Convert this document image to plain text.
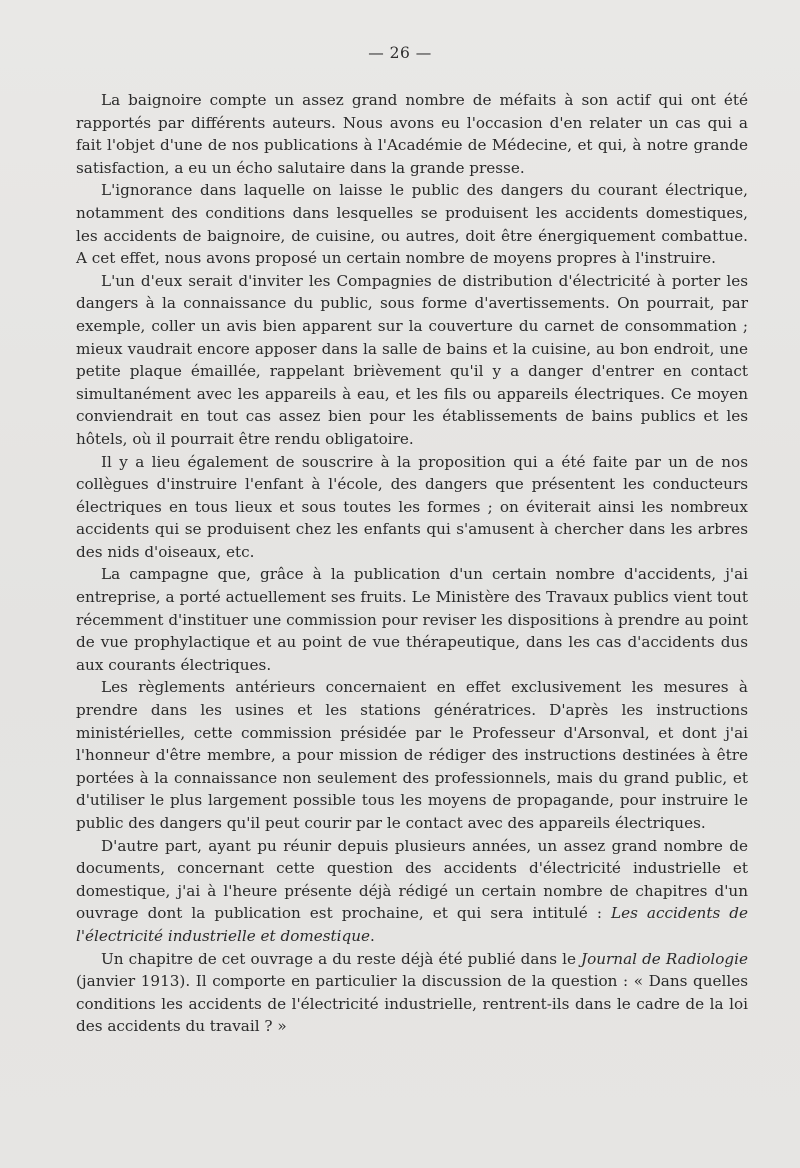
— 26 —

La baignoire compte un assez grand nombre de méfaits à son actif qui ont été rapportés par différents auteurs. Nous avons eu l'occasion d'en relater un cas qui a fait l'objet d'une de nos publications à l'Académie de Médecine, et qui, à notre grande satisfaction, a eu un écho salutaire dans la grande presse.

L'ignorance dans laquelle on laisse le public des dangers du courant électrique, notamment des conditions dans lesquelles se produisent les accidents domestiques, les accidents de baignoire, de cuisine, ou autres, doit être énergiquement combattue. A cet effet, nous avons proposé un certain nombre de moyens propres à l'instruire.

L'un d'eux serait d'inviter les Compagnies de distribution d'électricité à porter les dangers à la connaissance du public, sous forme d'avertissements. On pourrait, par exemple, coller un avis bien apparent sur la couverture du carnet de consommation ; mieux vaudrait encore apposer dans la salle de bains et la cuisine, au bon endroit, une petite plaque émaillée, rappelant brièvement qu'il y a danger d'entrer en contact simultanément avec les appareils à eau, et les fils ou appareils électriques. Ce moyen conviendrait en tout cas assez bien pour les établissements de bains publics et les hôtels, où il pourrait être rendu obligatoire.

Il y a lieu également de souscrire à la proposition qui a été faite par un de nos collègues d'instruire l'enfant à l'école, des dangers que présentent les conducteurs électriques en tous lieux et sous toutes les formes ; on éviterait ainsi les nombreux accidents qui se produisent chez les enfants qui s'amusent à chercher dans les arbres des nids d'oiseaux, etc.

La campagne que, grâce à la publication d'un certain nombre d'accidents, j'ai entreprise, a porté actuellement ses fruits. Le Ministère des Travaux publics vient tout récemment d'instituer une commission pour reviser les dispositions à prendre au point de vue prophylactique et au point de vue thérapeutique, dans les cas d'accidents dus aux courants électriques.

Les règlements antérieurs concernaient en effet exclusivement les mesures à prendre dans les usines et les stations génératrices. D'après les instructions ministérielles, cette commission présidée par le Professeur d'Arsonval, et dont j'ai l'honneur d'être membre, a pour mission de rédiger des instructions destinées à être portées à la connaissance non seulement des professionnels, mais du grand public, et d'utiliser le plus largement possible tous les moyens de propagande, pour instruire le public des dangers qu'il peut courir par le contact avec des appareils électriques.

D'autre part, ayant pu réunir depuis plusieurs années, un assez grand nombre de documents, concernant cette question des accidents d'électricité industrielle et domestique, j'ai à l'heure présente déjà rédigé un certain nombre de chapitres d'un ouvrage dont la publication est prochaine, et qui sera intitulé : Les accidents de l'électricité industrielle et domestique.

Un chapitre de cet ouvrage a du reste déjà été publié dans le Journal de Radiologie (janvier 1913). Il comporte en particulier la discussion de la question : « Dans quelles conditions les accidents de l'électricité industrielle, rentrent-ils dans le cadre de la loi des accidents du travail ? »
